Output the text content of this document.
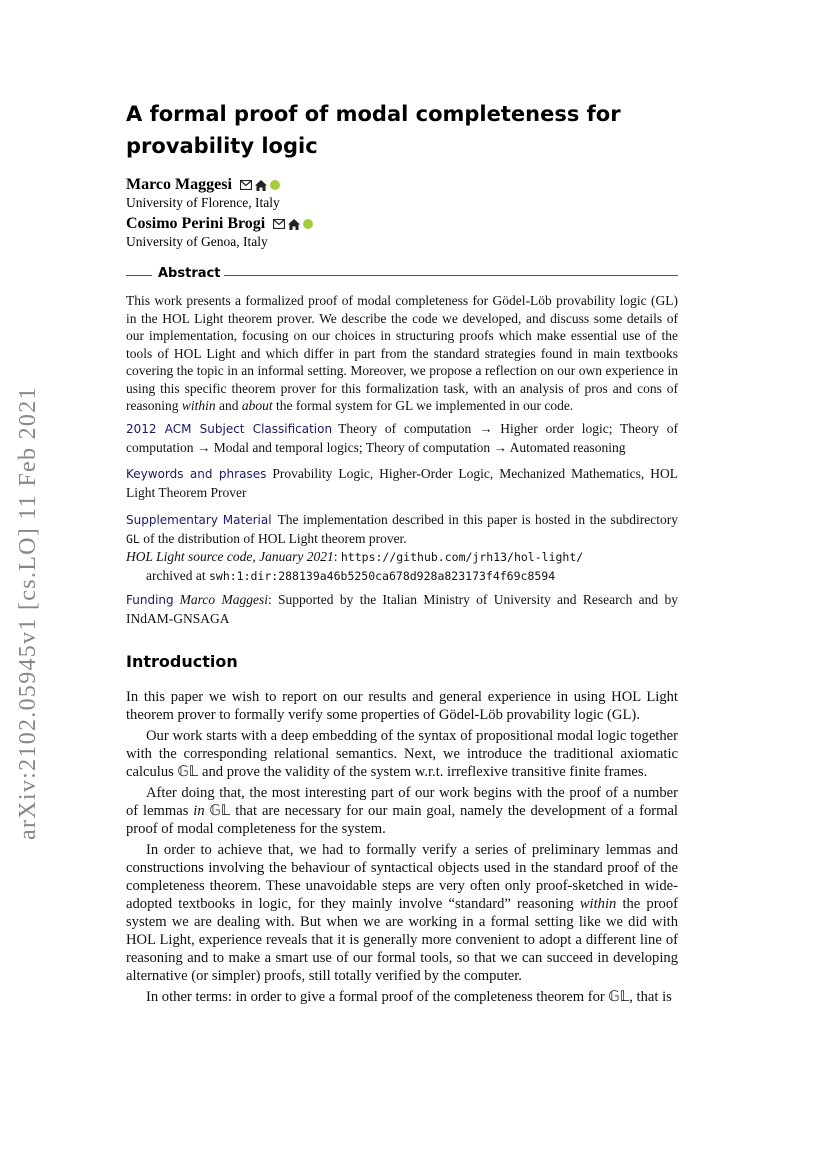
arXiv:2102.05945v1 [cs.LO] 11 Feb 2021
A formal proof of modal completeness for provability logic
Marco Maggesi
University of Florence, Italy
Cosimo Perini Brogi
University of Genoa, Italy
Abstract
This work presents a formalized proof of modal completeness for Gödel-Löb provability logic (GL) in the HOL Light theorem prover. We describe the code we developed, and discuss some details of our implementation, focusing on our choices in structuring proofs which make essential use of the tools of HOL Light and which differ in part from the standard strategies found in main textbooks covering the topic in an informal setting. Moreover, we propose a reflection on our own experience in using this specific theorem prover for this formalization task, with an analysis of pros and cons of reasoning within and about the formal system for GL we implemented in our code.
2012 ACM Subject Classification Theory of computation → Higher order logic; Theory of computation → Modal and temporal logics; Theory of computation → Automated reasoning
Keywords and phrases Provability Logic, Higher-Order Logic, Mechanized Mathematics, HOL Light Theorem Prover
Supplementary Material The implementation described in this paper is hosted in the subdirectory GL of the distribution of HOL Light theorem prover.
HOL Light source code, January 2021: https://github.com/jrh13/hol-light/
archived at swh:1:dir:288139a46b5250ca678d928a823173f4f69c8594
Funding Marco Maggesi: Supported by the Italian Ministry of University and Research and by INdAM-GNSAGA
Introduction

In this paper we wish to report on our results and general experience in using HOL Light theorem prover to formally verify some properties of Gödel-Löb provability logic (GL).

Our work starts with a deep embedding of the syntax of propositional modal logic together with the corresponding relational semantics. Next, we introduce the traditional axiomatic calculus 𝔾𝕃 and prove the validity of the system w.r.t. irreflexive transitive finite frames.

After doing that, the most interesting part of our work begins with the proof of a number of lemmas in 𝔾𝕃 that are necessary for our main goal, namely the development of a formal proof of modal completeness for the system.

In order to achieve that, we had to formally verify a series of preliminary lemmas and constructions involving the behaviour of syntactical objects used in the standard proof of the completeness theorem. These unavoidable steps are very often only proof-sketched in wide-adopted textbooks in logic, for they mainly involve “standard” reasoning within the proof system we are dealing with. But when we are working in a formal setting like we did with HOL Light, experience reveals that it is generally more convenient to adopt a different line of reasoning and to make a smart use of our formal tools, so that we can succeed in developing alternative (or simpler) proofs, still totally verified by the computer.

In other terms: in order to give a formal proof of the completeness theorem for 𝔾𝕃, that is
